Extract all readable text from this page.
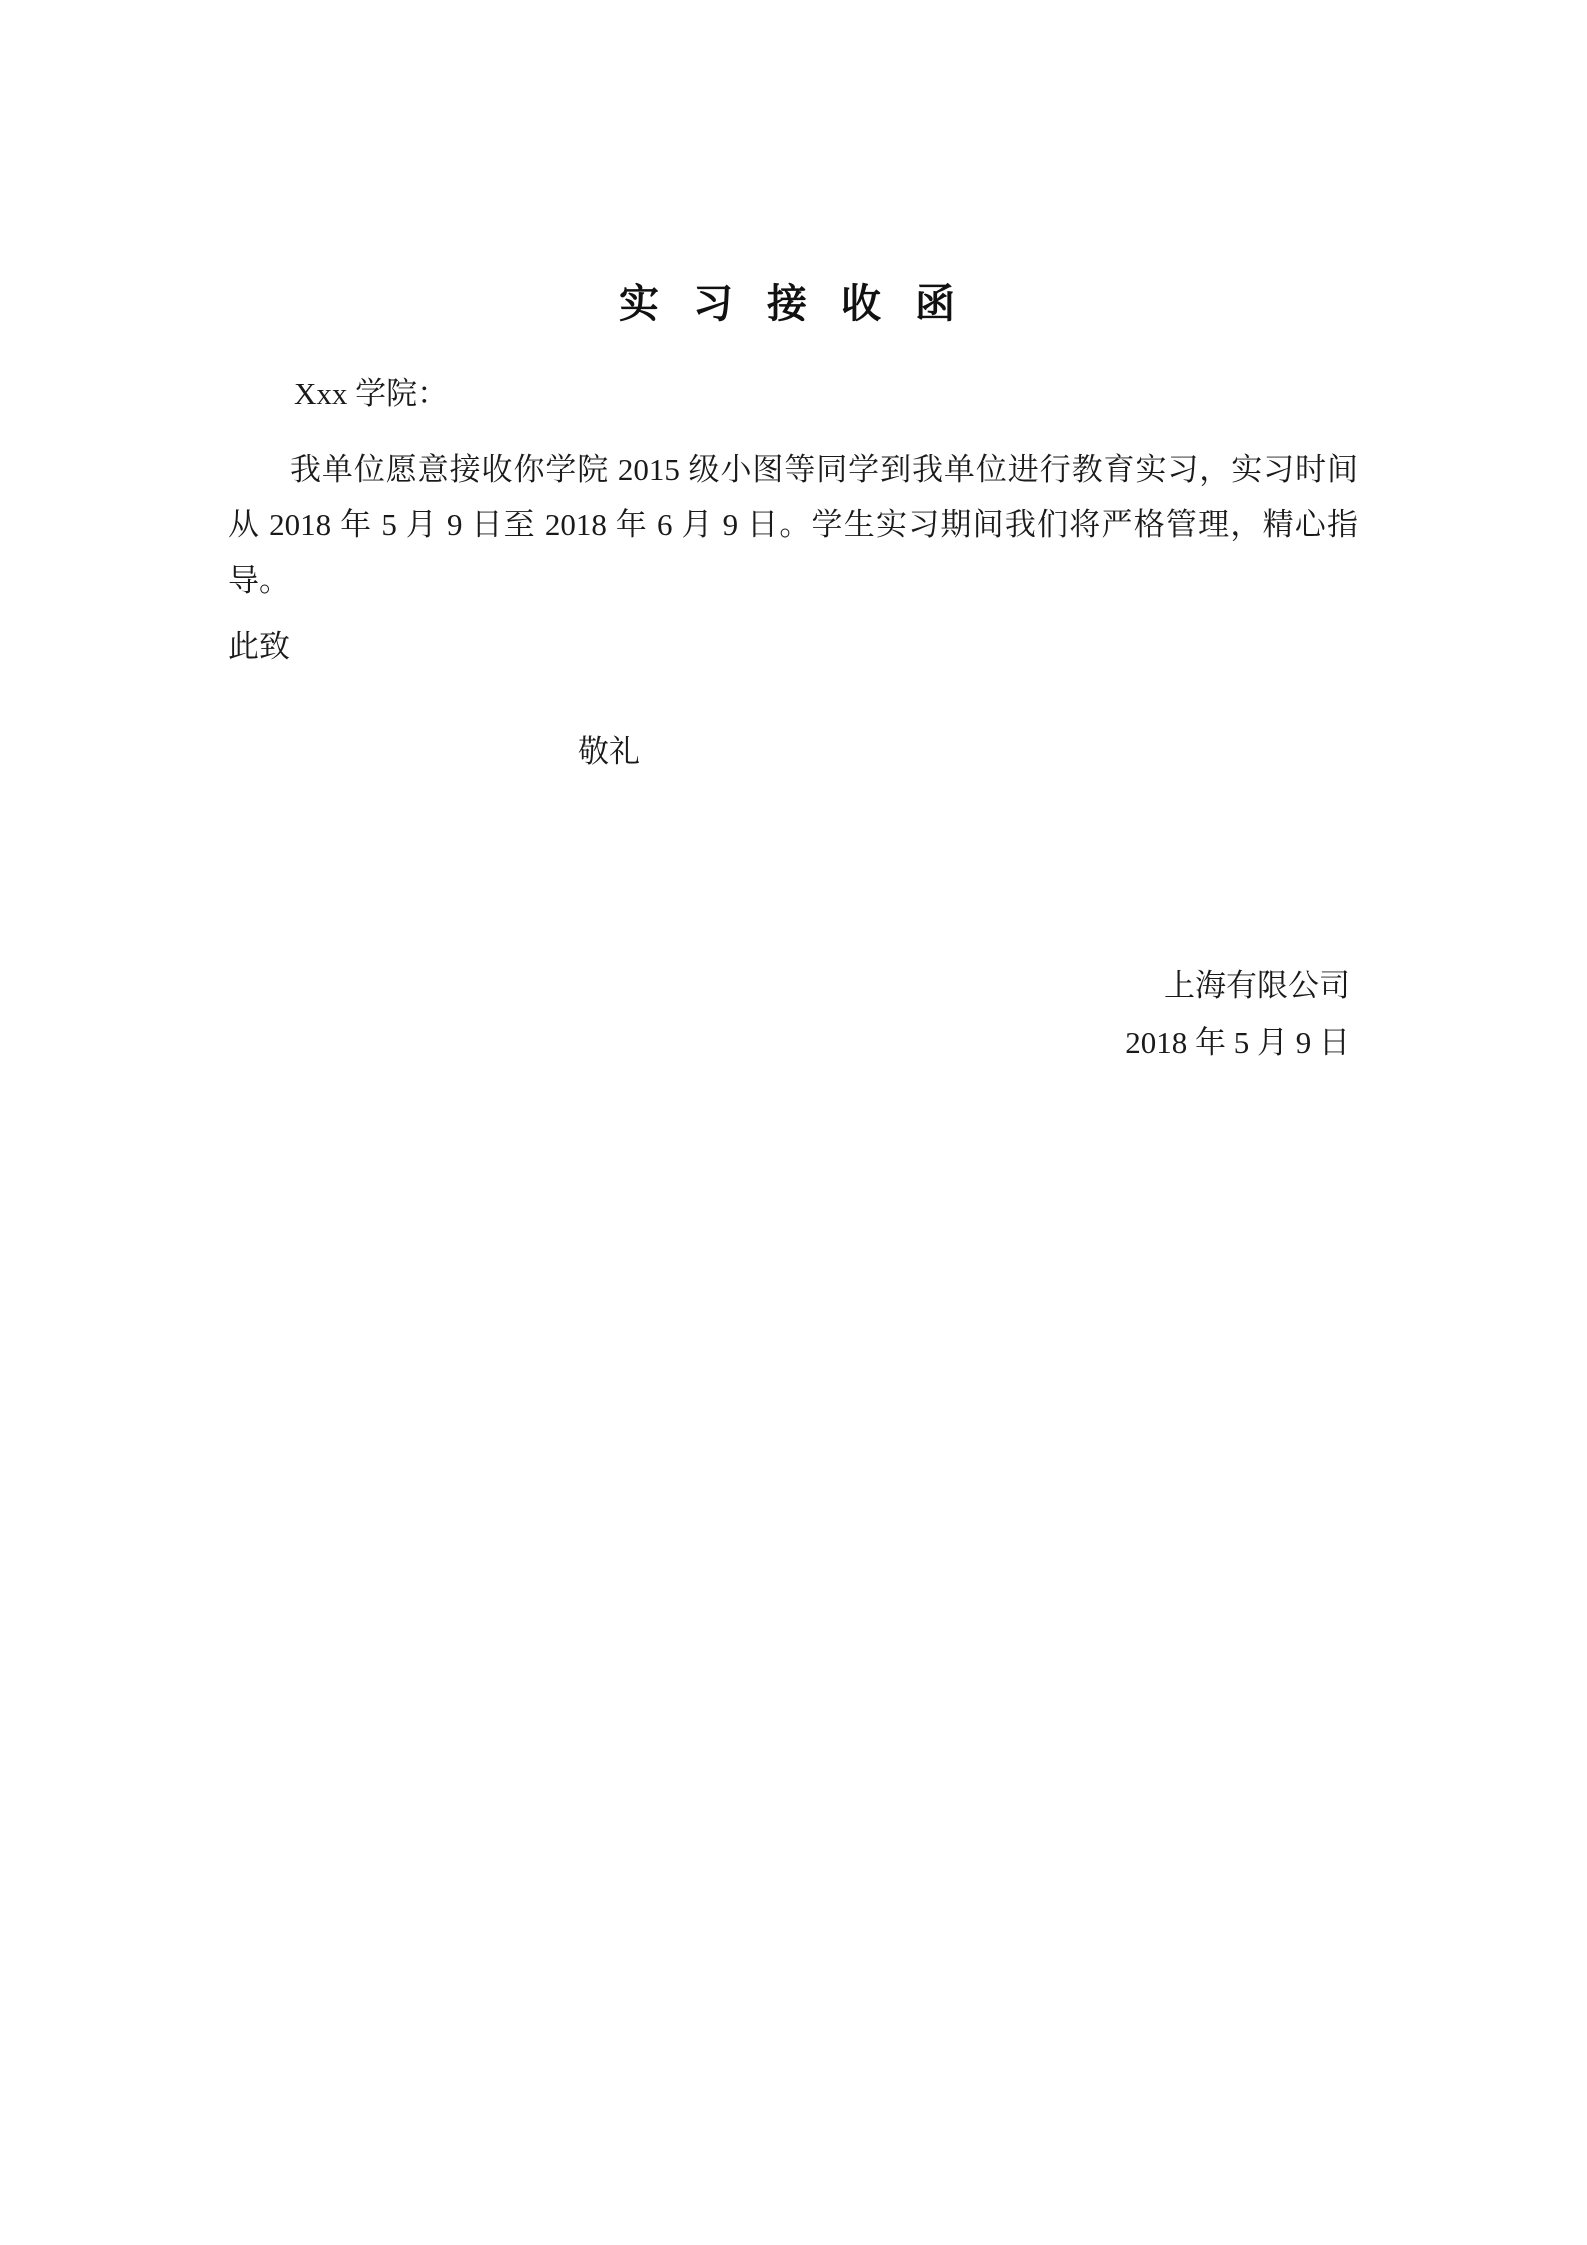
实 习 接 收 函
Xxx 学院：
我单位愿意接收你学院 2015 级小图等同学到我单位进行教育实习，实习时间从 2018 年 5 月 9 日至 2018 年 6 月 9 日。学生实习期间我们将严格管理，精心指导。
此致
敬礼
上海有限公司
2018 年 5 月 9 日
